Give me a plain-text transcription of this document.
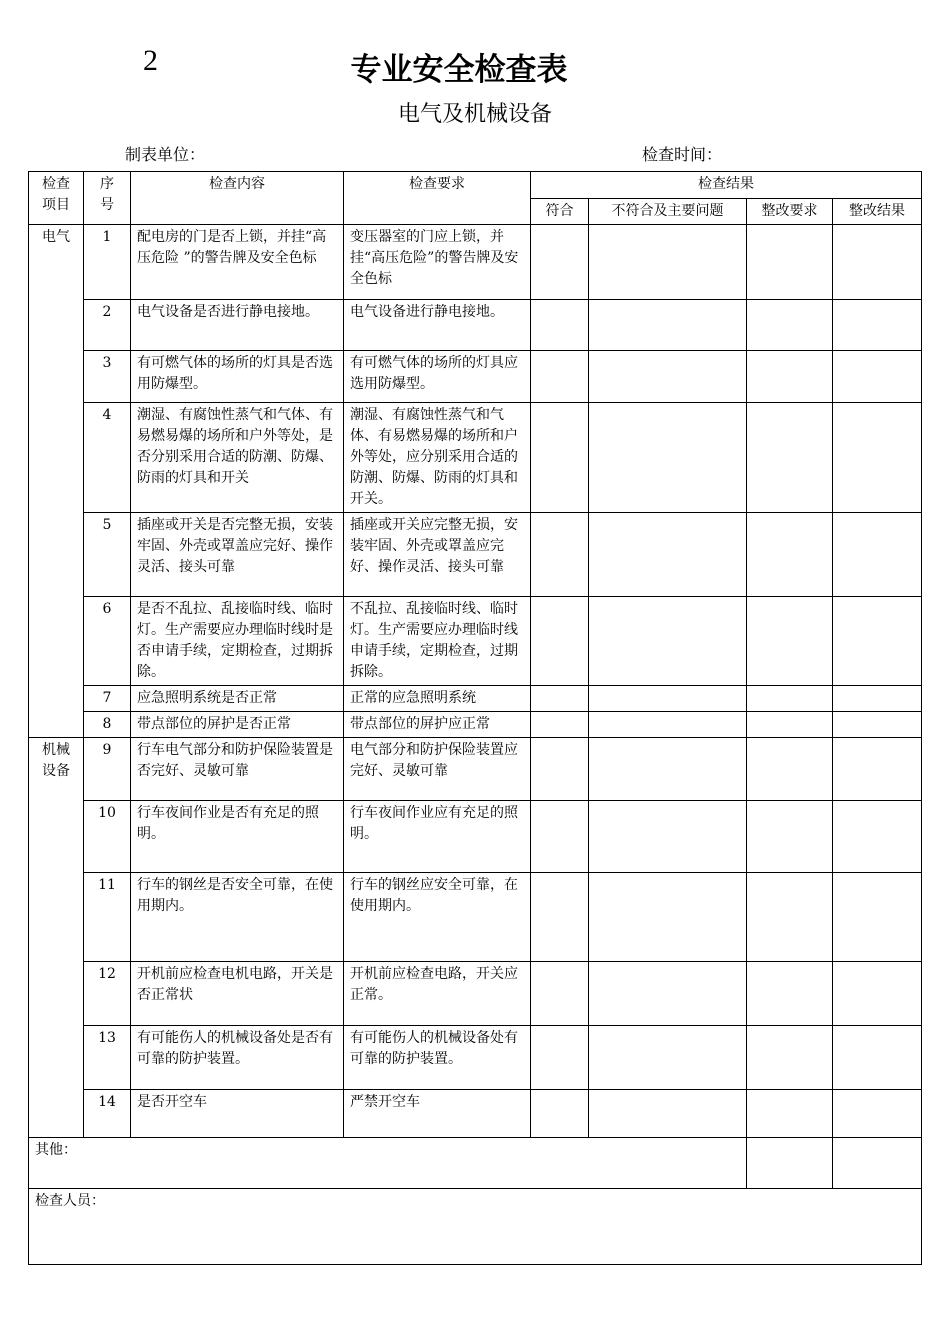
2	专业安全检查表
电气及机械设备
制表单位：	检查时间：
检查
项目	序
号	检查内容	检查要求	检查结果			
				符合	不符合及主要问题	整改要求	整改结果
电气	1	配电房的门是否上锁，并挂“高压危险 ”的警告牌及安全色标	变压器室的门应上锁，并挂“高压危险”的警告牌及安全色标				
	2	电气设备是否进行静电接地。	电气设备进行静电接地。				
	3	有可燃气体的场所的灯具是否选用防爆型。	有可燃气体的场所的灯具应选用防爆型。				
	4	潮湿、有腐蚀性蒸气和气体、有易燃易爆的场所和户外等处，是否分别采用合适的防潮、防爆、防雨的灯具和开关	潮湿、有腐蚀性蒸气和气体、有易燃易爆的场所和户外等处，应分别采用合适的防潮、防爆、防雨的灯具和开关。				
	5	插座或开关是否完整无损，安装牢固、外壳或罩盖应完好、操作灵活、接头可靠	插座或开关应完整无损，安装牢固、外壳或罩盖应完好、操作灵活、接头可靠				
	6	是否不乱拉、乱接临时线、临时灯。生产需要应办理临时线时是否申请手续，定期检查，过期拆除。	不乱拉、乱接临时线、临时灯。生产需要应办理临时线申请手续，定期检查，过期拆除。				
	7	应急照明系统是否正常	正常的应急照明系统				
	8	带点部位的屏护是否正常	带点部位的屏护应正常				
机械
设备	9	行车电气部分和防护保险装置是否完好、灵敏可靠	电气部分和防护保险装置应完好、灵敏可靠				
	10	行车夜间作业是否有充足的照明。	行车夜间作业应有充足的照明。				
	11	行车的钢丝是否安全可靠，在使用期内。	行车的钢丝应安全可靠，在使用期内。				
	12	开机前应检查电机电路，开关是否正常状	开机前应检查电路，开关应正常。				
	13	有可能伤人的机械设备处是否有可靠的防护装置。	有可能伤人的机械设备处有可靠的防护装置。				
	14	是否开空车	严禁开空车				
其他：							
检查人员：							
